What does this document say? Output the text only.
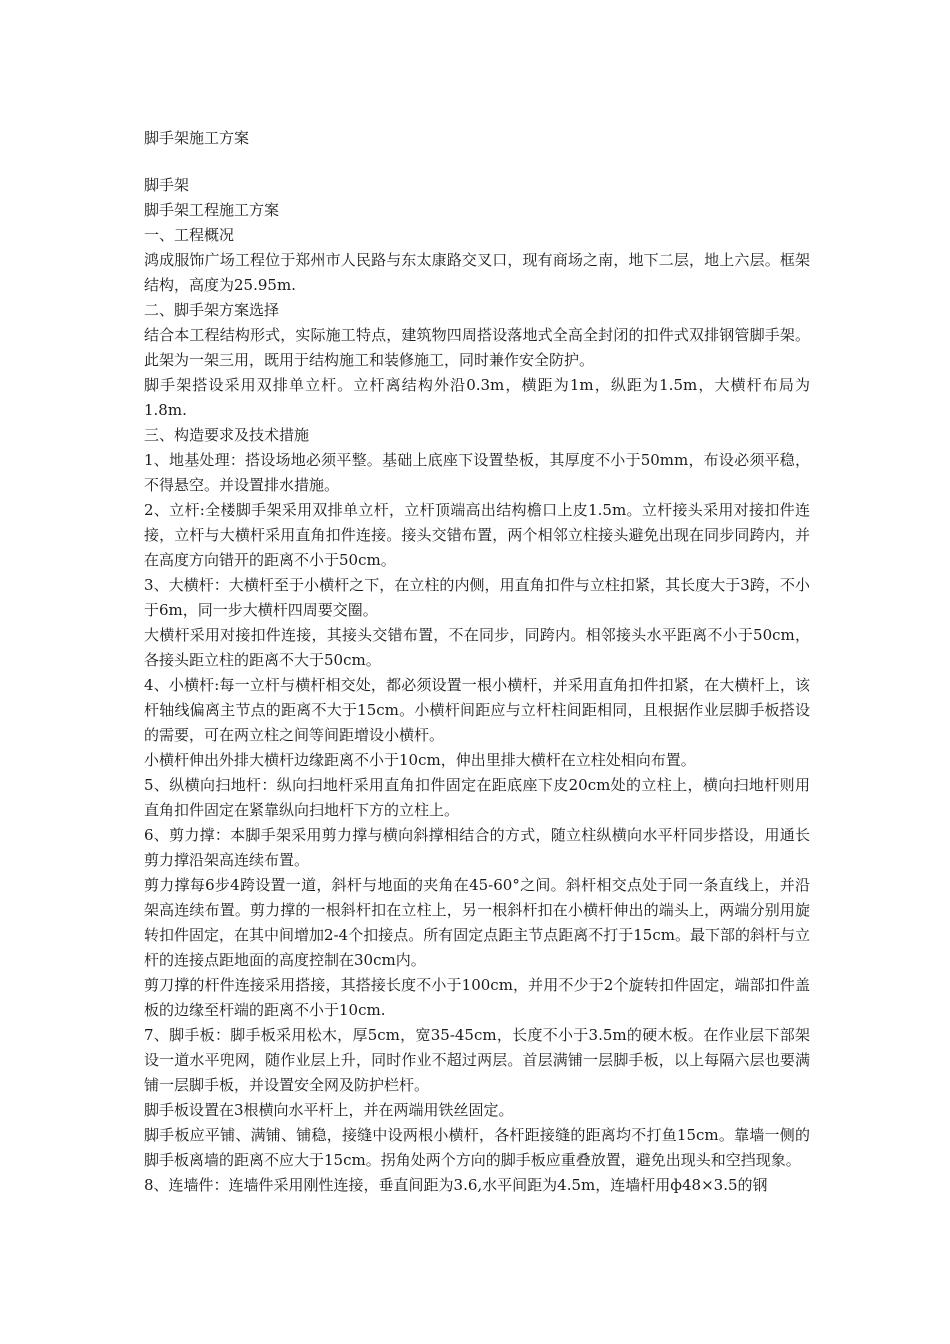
脚手架施工方案

脚手架

脚手架工程施工方案

一、工程概况

鸿成服饰广场工程位于郑州市人民路与东太康路交叉口，现有商场之南，地下二层，地上六层。框架结构，高度为25.95m.

二、脚手架方案选择

结合本工程结构形式，实际施工特点，建筑物四周搭设落地式全高全封闭的扣件式双排钢管脚手架。此架为一架三用，既用于结构施工和装修施工，同时兼作安全防护。

脚手架搭设采用双排单立杆。立杆离结构外沿0.3m，横距为1m，纵距为1.5m，大横杆布局为1.8m.

三、构造要求及技术措施

1、地基处理：搭设场地必须平整。基础上底座下设置垫板，其厚度不小于50mm，布设必须平稳，不得悬空。并设置排水措施。

2、立杆:全楼脚手架采用双排单立杆，立杆顶端高出结构檐口上皮1.5m。立杆接头采用对接扣件连接，立杆与大横杆采用直角扣件连接。接头交错布置，两个相邻立柱接头避免出现在同步同跨内，并在高度方向错开的距离不小于50cm。

3、大横杆：大横杆至于小横杆之下，在立柱的内侧，用直角扣件与立柱扣紧，其长度大于3跨，不小于6m，同一步大横杆四周要交圈。

大横杆采用对接扣件连接，其接头交错布置，不在同步，同跨内。相邻接头水平距离不小于50cm，各接头距立柱的距离不大于50cm。

4、小横杆:每一立杆与横杆相交处，都必须设置一根小横杆，并采用直角扣件扣紧，在大横杆上，该杆轴线偏离主节点的距离不大于15cm。小横杆间距应与立杆柱间距相同，且根据作业层脚手板搭设的需要，可在两立柱之间等间距增设小横杆。

小横杆伸出外排大横杆边缘距离不小于10cm，伸出里排大横杆在立柱处相向布置。

5、纵横向扫地杆：纵向扫地杆采用直角扣件固定在距底座下皮20cm处的立柱上，横向扫地杆则用直角扣件固定在紧靠纵向扫地杆下方的立柱上。

6、剪力撑：本脚手架采用剪力撑与横向斜撑相结合的方式，随立柱纵横向水平杆同步搭设，用通长剪力撑沿架高连续布置。

剪力撑每6步4跨设置一道，斜杆与地面的夹角在45-60°之间。斜杆相交点处于同一条直线上，并沿架高连续布置。剪力撑的一根斜杆扣在立柱上，另一根斜杆扣在小横杆伸出的端头上，两端分别用旋转扣件固定，在其中间增加2-4个扣接点。所有固定点距主节点距离不打于15cm。最下部的斜杆与立杆的连接点距地面的高度控制在30cm内。

剪刀撑的杆件连接采用搭接，其搭接长度不小于100cm，并用不少于2个旋转扣件固定，端部扣件盖板的边缘至杆端的距离不小于10cm.

7、脚手板：脚手板采用松木，厚5cm，宽35-45cm，长度不小于3.5m的硬木板。在作业层下部架设一道水平兜网，随作业层上升，同时作业不超过两层。首层满铺一层脚手板，以上每隔六层也要满铺一层脚手板，并设置安全网及防护栏杆。

脚手板设置在3根横向水平杆上，并在两端用铁丝固定。

脚手板应平铺、满铺、铺稳，接缝中设两根小横杆，各杆距接缝的距离均不打鱼15cm。靠墙一侧的脚手板离墙的距离不应大于15cm。拐角处两个方向的脚手板应重叠放置，避免出现头和空挡现象。

8、连墙件：连墙件采用刚性连接，垂直间距为3.6,水平间距为4.5m，连墙杆用ф48×3.5的钢
